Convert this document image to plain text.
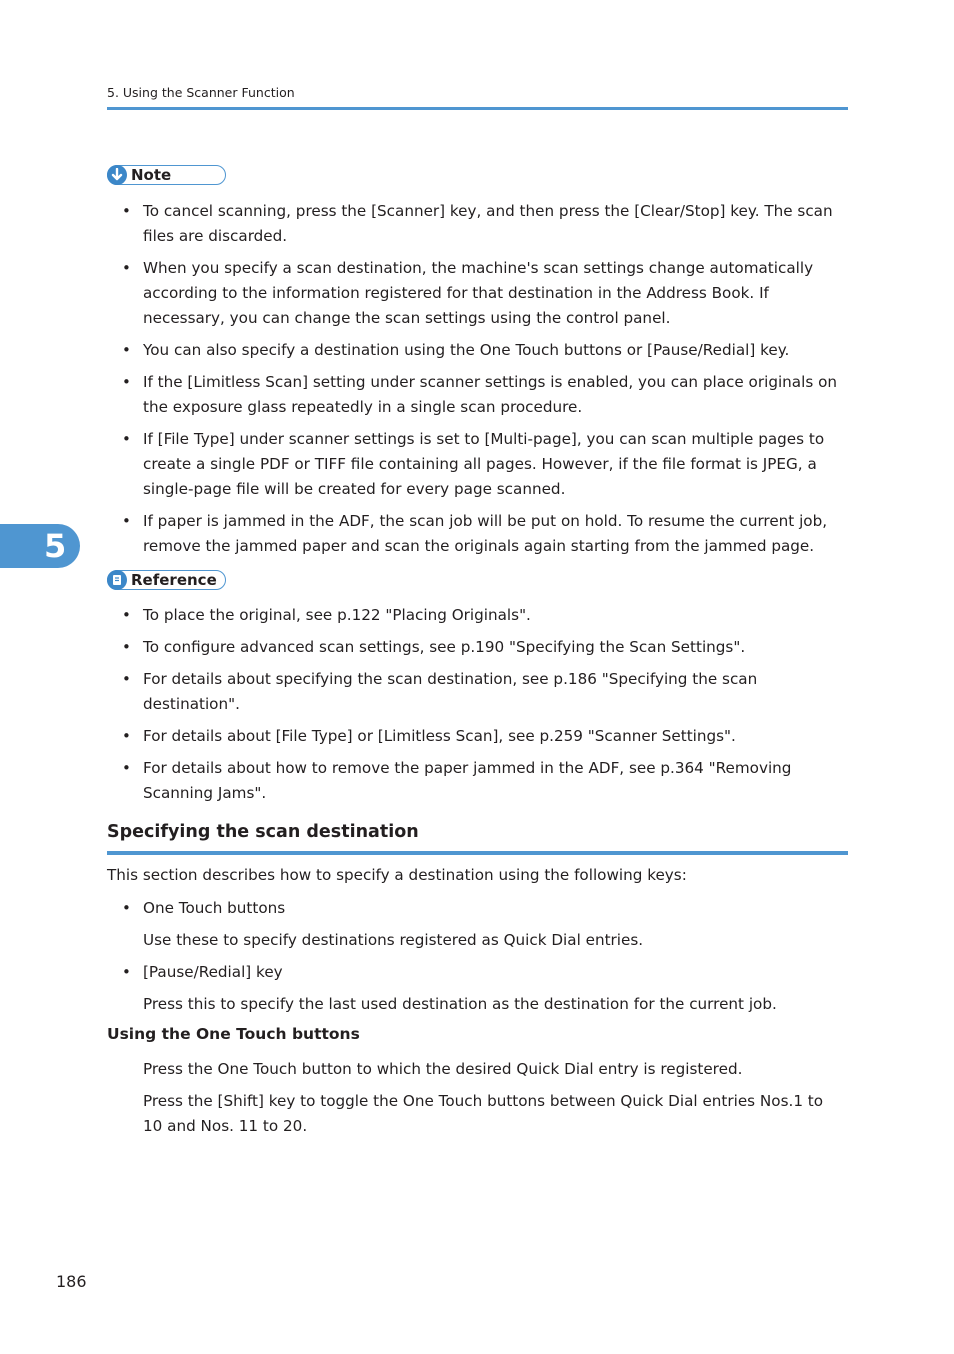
5. Using the Scanner Function
Note
• To cancel scanning, press the [Scanner] key, and then press the [Clear/Stop] key. The scan files are discarded.
• When you specify a scan destination, the machine's scan settings change automatically according to the information registered for that destination in the Address Book. If necessary, you can change the scan settings using the control panel.
• You can also specify a destination using the One Touch buttons or [Pause/Redial] key.
• If the [Limitless Scan] setting under scanner settings is enabled, you can place originals on the exposure glass repeatedly in a single scan procedure.
• If [File Type] under scanner settings is set to [Multi-page], you can scan multiple pages to create a single PDF or TIFF file containing all pages. However, if the file format is JPEG, a single-page file will be created for every page scanned.
• If paper is jammed in the ADF, the scan job will be put on hold. To resume the current job, remove the jammed paper and scan the originals again starting from the jammed page.
5
Reference
• To place the original, see p.122 "Placing Originals".
• To configure advanced scan settings, see p.190 "Specifying the Scan Settings".
• For details about specifying the scan destination, see p.186 "Specifying the scan destination".
• For details about [File Type] or [Limitless Scan], see p.259 "Scanner Settings".
• For details about how to remove the paper jammed in the ADF, see p.364 "Removing Scanning Jams".
Specifying the scan destination
This section describes how to specify a destination using the following keys:
• One Touch buttons
Use these to specify destinations registered as Quick Dial entries.
• [Pause/Redial] key
Press this to specify the last used destination as the destination for the current job.
Using the One Touch buttons
Press the One Touch button to which the desired Quick Dial entry is registered.
Press the [Shift] key to toggle the One Touch buttons between Quick Dial entries Nos.1 to 10 and Nos. 11 to 20.
186
